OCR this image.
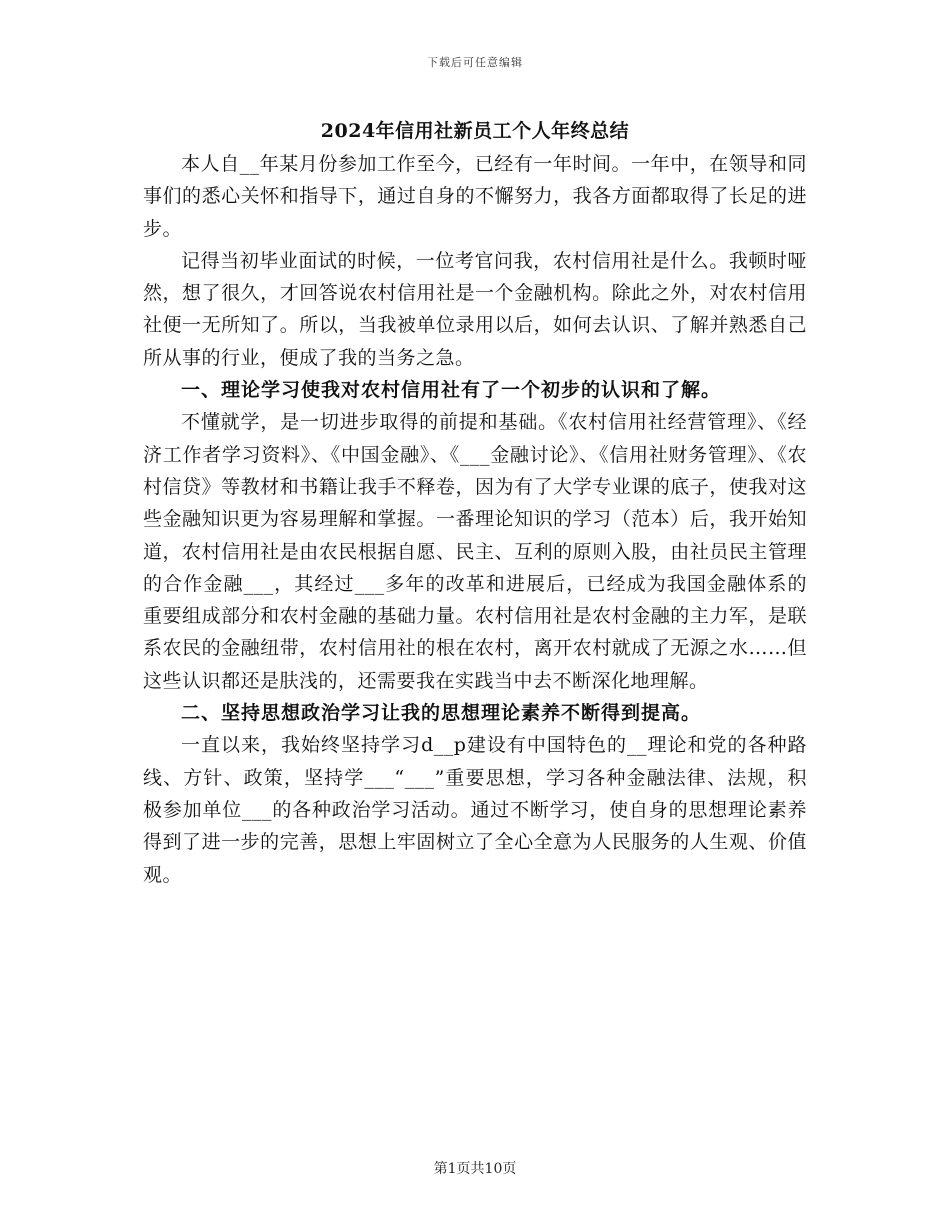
下载后可任意编辑
2024年信用社新员工个人年终总结

本人自__年某月份参加工作至今，已经有一年时间。一年中，在领导和同事们的悉心关怀和指导下，通过自身的不懈努力，我各方面都取得了长足的进步。

记得当初毕业面试的时候，一位考官问我，农村信用社是什么。我顿时哑然，想了很久，才回答说农村信用社是一个金融机构。除此之外，对农村信用社便一无所知了。所以，当我被单位录用以后，如何去认识、了解并熟悉自己所从事的行业，便成了我的当务之急。

一、理论学习使我对农村信用社有了一个初步的认识和了解。

不懂就学，是一切进步取得的前提和基础。《农村信用社经营管理》、《经济工作者学习资料》、《中国金融》、《___金融讨论》、《信用社财务管理》、《农村信贷》等教材和书籍让我手不释卷，因为有了大学专业课的底子，使我对这些金融知识更为容易理解和掌握。一番理论知识的学习（范本）后，我开始知道，农村信用社是由农民根据自愿、民主、互利的原则入股，由社员民主管理的合作金融___，其经过___多年的改革和进展后，已经成为我国金融体系的重要组成部分和农村金融的基础力量。农村信用社是农村金融的主力军，是联系农民的金融纽带，农村信用社的根在农村，离开农村就成了无源之水……但这些认识都还是肤浅的，还需要我在实践当中去不断深化地理解。

二、坚持思想政治学习让我的思想理论素养不断得到提高。

一直以来，我始终坚持学习d__p建设有中国特色的__理论和党的各种路线、方针、政策，坚持学___“___”重要思想，学习各种金融法律、法规，积极参加单位___的各种政治学习活动。通过不断学习，使自身的思想理论素养得到了进一步的完善，思想上牢固树立了全心全意为人民服务的人生观、价值观。

第1页共10页
